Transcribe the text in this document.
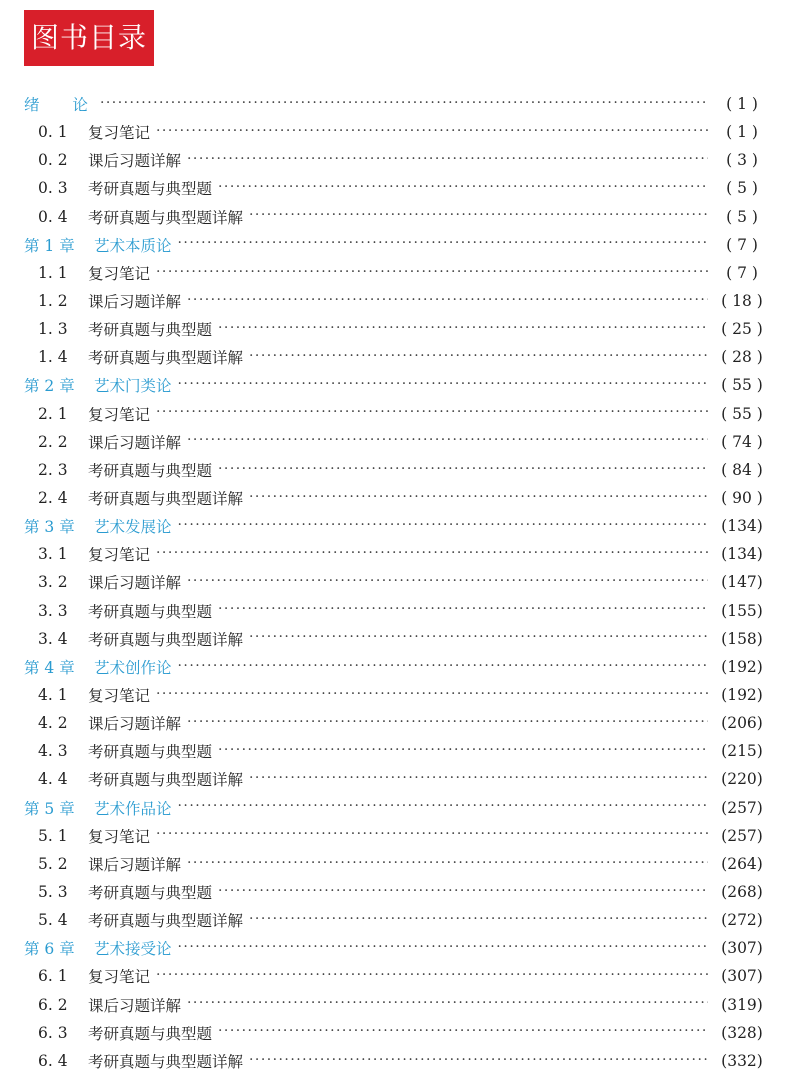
图书目录
绪 论 · · ·	( 1 )
0. 1	复习笔记 · · ·	( 1 )
0. 2	课后习题详解 · · ·	( 3 )
0. 3	考研真题与典型题 · · ·	( 5 )
0. 4	考研真题与典型题详解 · · ·	( 5 )
第 1 章	艺术本质论 · · ·	( 7 )
1. 1	复习笔记 · · ·	( 7 )
1. 2	课后习题详解 · · ·	( 18 )
1. 3	考研真题与典型题 · · ·	( 25 )
1. 4	考研真题与典型题详解 · · ·	( 28 )
第 2 章	艺术门类论 · · ·	( 55 )
2. 1	复习笔记 · · ·	( 55 )
2. 2	课后习题详解 · · ·	( 74 )
2. 3	考研真题与典型题 · · ·	( 84 )
2. 4	考研真题与典型题详解 · · ·	( 90 )
第 3 章	艺术发展论 · · ·	(134)
3. 1	复习笔记 · · ·	(134)
3. 2	课后习题详解 · · ·	(147)
3. 3	考研真题与典型题 · · ·	(155)
3. 4	考研真题与典型题详解 · · ·	(158)
第 4 章	艺术创作论 · · ·	(192)
4. 1	复习笔记 · · ·	(192)
4. 2	课后习题详解 · · ·	(206)
4. 3	考研真题与典型题 · · ·	(215)
4. 4	考研真题与典型题详解 · · ·	(220)
第 5 章	艺术作品论 · · ·	(257)
5. 1	复习笔记 · · ·	(257)
5. 2	课后习题详解 · · ·	(264)
5. 3	考研真题与典型题 · · ·	(268)
5. 4	考研真题与典型题详解 · · ·	(272)
第 6 章	艺术接受论 · · ·	(307)
6. 1	复习笔记 · · ·	(307)
6. 2	课后习题详解 · · ·	(319)
6. 3	考研真题与典型题 · · ·	(328)
6. 4	考研真题与典型题详解 · · ·	(332)
